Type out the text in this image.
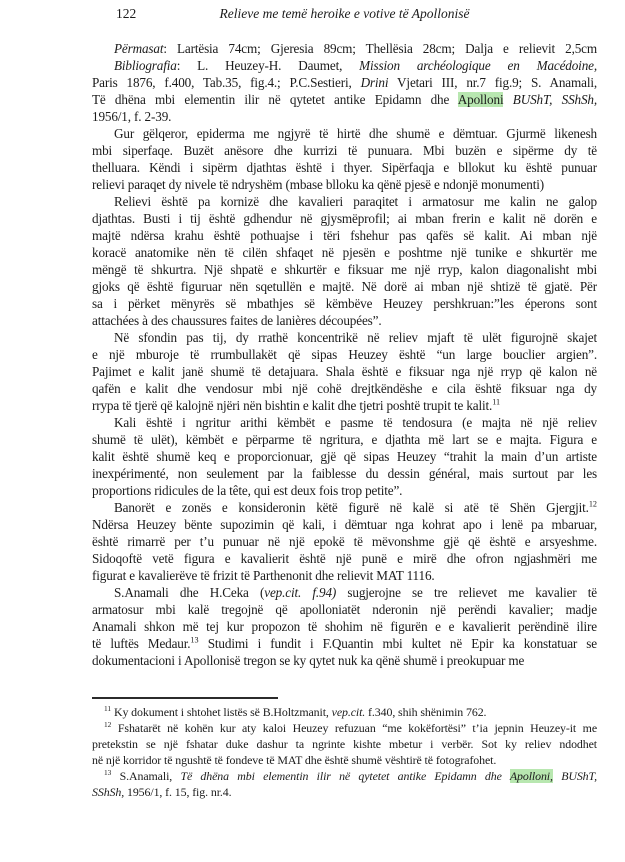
122	Relieve me temë heroike e votive të Apollonisë
Përmasat: Lartësia 74cm; Gjeresia 89cm; Thellësia 28cm; Dalja e relievit 2,5cm
Bibliografia: L. Heuzey-H. Daumet, Mission archéologique en Macédoine,
Paris 1876, f.400, Tab.35, fig.4.; P.C.Sestieri, Drini Vjetari III, nr.7 fig.9; S. Anamali,
Të dhëna mbi elementin ilir në qytetet antike Epidamn dhe Apolloni BUShT, SShSh,
1956/1, f. 2-39.
Gur gëlqeror, epiderma me ngjyrë të hirtë dhe shumë e dëmtuar. Gjurmë likenesh
mbi siperfaqe. Buzët anësore dhe kurrizi të punuara. Mbi buzën e sipërme dy të
thelluara. Këndi i sipërm djathtas është i thyer. Sipërfaqja e bllokut ku është punuar
relievi paraqet dy nivele të ndryshëm (mbase blloku ka qënë pjesë e ndonjë monumenti)
Relievi është pa kornizë dhe kavalieri paraqitet i armatosur me kalin ne galop
djathtas. Busti i tij është gdhendur në gjysmëprofil; ai mban frerin e kalit në dorën e
majtë ndërsa krahu është pothuajse i tëri fshehur pas qafës së kalit. Ai mban një
koracë anatomike nën të cilën shfaqet në pjesën e poshtme një tunike e shkurtër me
mëngë të shkurtra. Një shpatë e shkurtër e fiksuar me një rryp, kalon diagonalisht mbi
gjoks që është figuruar nën sqetullën e majtë. Në dorë ai mban një shtizë të gjatë. Për
sa i përket mënyrës së mbathjes së këmbëve Heuzey pershkruan:”les éperons sont
attachées à des chaussures faites de lanières découpées”.
Në sfondin pas tij, dy rrathë koncentrikë në reliev mjaft të ulët figurojnë skajet
e një mburoje të rrumbullakët që sipas Heuzey është “un large bouclier argien”.
Pajimet e kalit janë shumë të detajuara. Shala është e fiksuar nga një rryp që kalon në
qafën e kalit dhe vendosur mbi një cohë drejtkëndëshe e cila është fiksuar nga dy
rrypa të tjerë që kalojnë njëri nën bishtin e kalit dhe tjetri poshtë trupit te kalit.$^{11}$
Kali është i ngritur arithi këmbët e pasme të tendosura (e majta në një reliev
shumë të ulët), këmbët e përparme të ngritura, e djathta më lart se e majta. Figura e
kalit është shumë keq e proporcionuar, gjë që sipas Heuzey “trahit la main d’un artiste
inexpérimenté, non seulement par la faiblesse du dessin général, mais surtout par les
proportions ridicules de la tête, qui est deux fois trop petite”.
Banorët e zonës e konsideronin këtë figurë në kalë si atë të Shën Gjergjit.$^{12}$
Ndërsa Heuzey bënte supozimin që kali, i dëmtuar nga kohrat apo i lenë pa mbaruar,
është rimarrë per t’u punuar në një epokë të mëvonshme gjë që është e arsyeshme.
Sidoqoftë vetë figura e kavalierit është një punë e mirë dhe ofron ngjashmëri me
figurat e kavalierëve të frizit të Parthenonit dhe relievit MAT 1116.
S.Anamali dhe H.Ceka (vep.cit. f.94) sugjerojne se tre relievet me kavalier të
armatosur mbi kalë tregojnë që apolloniatët nderonin një perëndi kavalier; madje
Anamali shkon më tej kur propozon të shohim në figurën e e kavalierit perëndinë ilire
të luftës Medaur.$^{13}$ Studimi i fundit i F.Quantin mbi kultet në Epir ka konstatuar se
dokumentacioni i Apollonisë tregon se ky qytet nuk ka qënë shumë i preokupuar me
$^{11}$ Ky dokument i shtohet listës së B.Holtzmanit, vep.cit. f.340, shih shënimin 762.
$^{12}$ Fshatarët në kohën kur aty kaloi Heuzey refuzuan “me kokëfortësi” t’ia jepnin Heuzey-it me
pretekstin se një fshatar duke dashur ta ngrinte kishte mbetur i verbër. Sot ky reliev ndodhet
në një korridor të ngushtë të fondeve të MAT dhe është shumë vështirë të fotografohet.
$^{13}$ S.Anamali, Të dhëna mbi elementin ilir në qytetet antike Epidamn dhe Apolloni, BUShT,
SShSh, 1956/1, f. 15, fig. nr.4.
